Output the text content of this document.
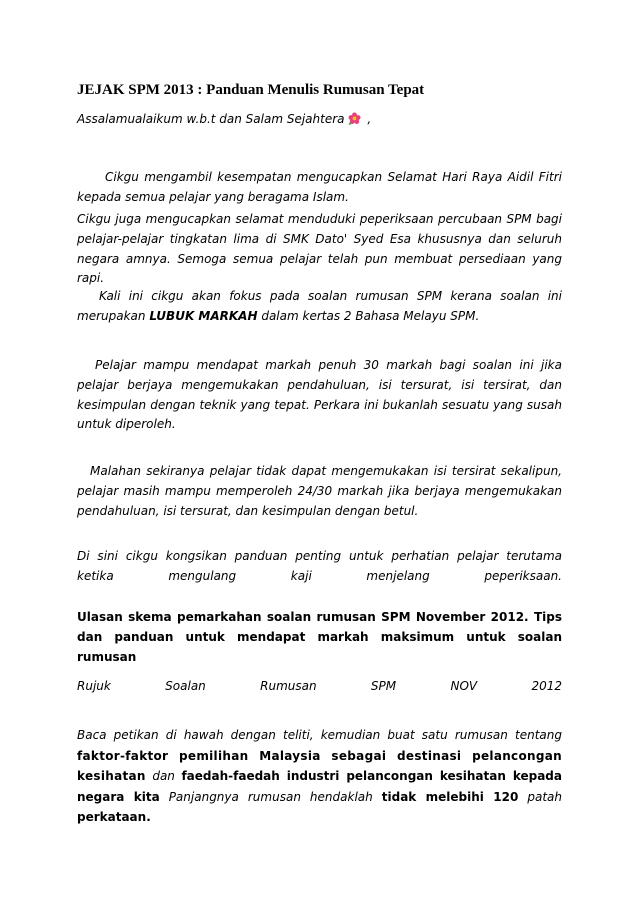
JEJAK SPM 2013 : Panduan Menulis Rumusan Tepat
Assalamualaikum w.b.t dan Salam Sejahtera ,
Cikgu mengambil kesempatan mengucapkan Selamat Hari Raya Aidil Fitri kepada semua pelajar yang beragama Islam.
Cikgu juga mengucapkan selamat menduduki peperiksaan percubaan SPM bagi pelajar-pelajar tingkatan lima di SMK Dato' Syed Esa khususnya dan seluruh negara amnya. Semoga semua pelajar telah pun membuat persediaan yang rapi.
Kali ini cikgu akan fokus pada soalan rumusan SPM kerana soalan ini merupakan LUBUK MARKAH dalam kertas 2 Bahasa Melayu SPM.
Pelajar mampu mendapat markah penuh 30 markah bagi soalan ini jika pelajar berjaya mengemukakan pendahuluan, isi tersurat, isi tersirat, dan kesimpulan dengan teknik yang tepat. Perkara ini bukanlah sesuatu yang susah untuk diperoleh.
Malahan sekiranya pelajar tidak dapat mengemukakan isi tersirat sekalipun, pelajar masih mampu memperoleh 24/30 markah jika berjaya mengemukakan pendahuluan, isi tersurat, dan kesimpulan dengan betul.
Di sini cikgu kongsikan panduan penting untuk perhatian pelajar terutama ketika mengulang kaji menjelang peperiksaan.
Ulasan skema pemarkahan soalan rumusan SPM November 2012. Tips dan panduan untuk mendapat markah maksimum untuk soalan rumusan
Rujuk Soalan Rumusan SPM NOV 2012
Baca petikan di hawah dengan teliti, kemudian buat satu rumusan tentang faktor-faktor pemilihan Malaysia sebagai destinasi pelancongan kesihatan dan faedah-faedah industri pelancongan kesihatan kepada negara kita Panjangnya rumusan hendaklah tidak melebihi 120 patah perkataan.
